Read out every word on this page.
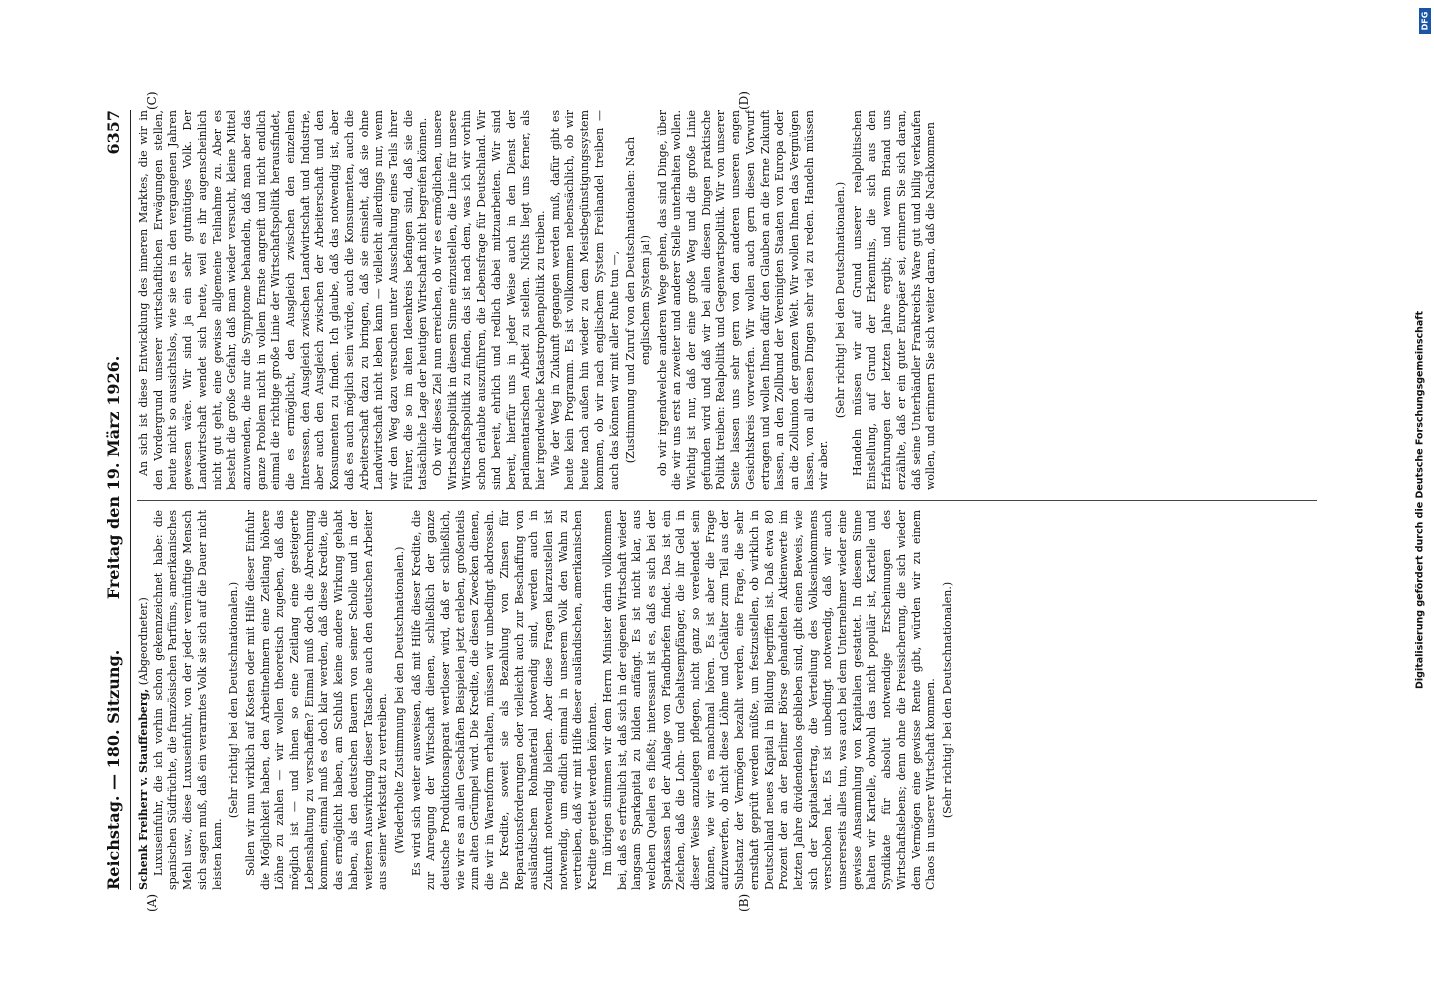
Reichstag. — 180. Sitzung.
Freitag den 19. März 1926.  6357

Schenk Freiherr v. Stauffenberg, (Abgeordneter.) Luxuseinfuhr, die ich vorhin schon gekennzeichnet habe: die spanischen Südfrüchte, die französischen Parfüms, amerikanisches Mehl usw., diese Luxuseinfuhr, von der jeder vernünftige Mensch sich sagen muß, daß ein verarmtes Volk sie sich auf die Dauer nicht leisten kann.

(Sehr richtig! bei den Deutschnationalen.) Sollen wir nun wirklich auf Kosten oder mit Hilfe dieser Einfuhr die Möglichkeit haben, den Arbeitnehmern eine Zeitlang höhere Löhne zu zahlen — wir wollen theoretisch zugeben, daß das möglich ist — und ihnen so eine Zeitlang eine gesteigerte Lebenshaltung zu verschaffen? Einmal muß doch die Abrechnung kommen, einmal muß es doch klar werden, daß diese Kredite, die das ermöglicht haben, am Schluß keine andere Wirkung gehabt haben, als den deutschen Bauern von seiner Scholle und in der weiteren Auswirkung dieser Tatsache auch den deutschen Arbeiter aus seiner Werkstatt zu vertreiben. (Wiederholte Zustimmung bei den Deutschnationalen.) Es wird sich weiter ausweisen, daß mit Hilfe dieser Kredite, die zur Anregung der Wirtschaft dienen, schließlich der ganze deutsche Produktionsapparat wertloser wird, daß er schließlich, wie wir es an allen Geschäften Beispielen jetzt erleben, großenteils zum alten Gerümpel wird. Die Kredite, die diesen Zwecken dienen, die wir in Warenform erhalten, müssen wir unbedingt abdrosseln. Die Kredite, soweit sie als Bezahlung von Zinsen für Reparationsforderungen oder vielleicht auch zur Beschaffung von ausländischem Rohmaterial notwendig sind, werden auch in Zukunft notwendig bleiben. Aber diese Fragen klarzustellen ist notwendig, um endlich einmal in unserem Volk den Wahn zu vertreiben, daß wir mit Hilfe dieser ausländischen, amerikanischen Kredite gerettet werden könnten. Im übrigen stimmen wir dem Herrn Minister darin vollkommen bei, daß es erfreulich ist, daß sich in der eigenen Wirtschaft wieder langsam Sparkapital zu bilden anfängt. Es ist nicht klar, aus welchen Quellen es fließt; interessant ist es, daß es sich bei der Sparkassen bei der Anlage von Pfandbriefen findet. Das ist ein Zeichen, daß die Lohn- und Gehaltsempfänger, die ihr Geld in dieser Weise anzulegen pflegen, nicht ganz so verelendet sein können, wie wir es manchmal hören. Es ist aber die Frage aufzuwerfen, ob nicht diese Löhne und Gehälter zum Teil aus der Substanz der Vermögen bezahlt werden, eine Frage, die sehr ernsthaft geprüft werden müßte, um festzustellen, ob wirklich in Deutschland neues Kapital in Bildung begriffen ist. Daß etwa 80 Prozent der an der Berliner Börse gehandelten Aktienwerte im letzten Jahre dividendenlos geblieben sind, gibt einen Beweis, wie sich der Kapitalsertrag, die Verteilung des Volkseinkommens verschoben hat. Es ist unbedingt notwendig, daß wir auch unsererseits alles tun, was auch bei dem Unternehmer wieder eine gewisse Ansammlung von Kapitalien gestattet. In diesem Sinne halten wir Kartelle, obwohl das nicht populär ist, Kartelle und Syndikate für absolut notwendige Erscheinungen des Wirtschaftslebens; denn ohne die Preissicherung, die sich wieder dem Vermögen eine gewisse Rente gibt, würden wir zu einem Chaos in unserer Wirtschaft kommen. (Sehr richtig! bei den Deutschnationalen.)

An sich ist diese Entwicklung des inneren Marktes, die wir in den Vordergrund unserer wirtschaftlichen Erwägungen stellen, heute nicht so aussichtslos, wie sie es in den vergangenen Jahren gewesen wäre. Wir sind ja ein sehr gutmütiges Volk. Der Landwirtschaft wendet sich heute, weil es ihr augenscheinlich nicht gut geht, eine gewisse allgemeine Teilnahme zu. Aber es besteht die große Gefahr, daß man wieder versucht, kleine Mittel anzuwenden, die nur die Symptome behandeln, daß man aber das ganze Problem nicht in vollem Ernste angreift und nicht endlich einmal die richtige große Linie der Wirtschaftspolitik herausfindet, die es ermöglicht, den Ausgleich zwischen den einzelnen Interessen, den Ausgleich zwischen Landwirtschaft und Industrie, aber auch den Ausgleich zwischen der Arbeiterschaft und den Konsumenten zu finden. Ich glaube, daß das notwendig ist, aber daß es auch möglich sein würde, auch die Konsumenten, auch die Arbeiterschaft dazu zu bringen, daß sie einsieht, daß sie ohne Landwirtschaft nicht leben kann — vielleicht allerdings nur, wenn wir den Weg dazu versuchen unter Ausschaltung eines Teils ihrer Führer, die so im alten Ideenkreis befangen sind, daß sie die tatsächliche Lage der heutigen Wirtschaft nicht begreifen können. Ob wir dieses Ziel nun erreichen, ob wir es ermöglichen, unsere Wirtschaftspolitik in diesem Sinne einzustellen, die Linie für unsere Wirtschaftspolitik zu finden, das ist nach dem, was ich wir vorhin schon erlaubte auszuführen, die Lebensfrage für Deutschland. Wir sind bereit, ehrlich und redlich dabei mitzuarbeiten. Wir sind bereit, hierfür uns in jeder Weise auch in den Dienst der parlamentarischen Arbeit zu stellen. Nichts liegt uns ferner, als hier irgendwelche Katastrophenpolitik zu treiben. Wie der Weg in Zukunft gegangen werden muß, dafür gibt es heute kein Programm. Es ist vollkommen nebensächlich, ob wir heute nach außen hin wieder zu dem Meistbegünstigungssystem kommen, ob wir nach englischem System Freihandel treiben — auch das können wir mit aller Ruhe tun —, (Zustimmung und Zuruf von den Deutschnationalen: Nach englischem System ja!) ob wir irgendwelche anderen Wege gehen, das sind Dinge, über die wir uns erst an zweiter und anderer Stelle unterhalten wollen. Wichtig ist nur, daß der eine große Weg und die große Linie gefunden wird und daß wir bei allen diesen Dingen praktische Politik treiben: Realpolitik und Gegenwartspolitik. Wir von unserer Seite lassen uns sehr gern von den anderen unseren engen Gesichtskreis vorwerfen. Wir wollen auch gern diesen Vorwurf ertragen und wollen Ihnen dafür den Glauben an die ferne Zukunft lassen, an den Zollbund der Vereinigten Staaten von Europa oder an die Zollunion der ganzen Welt. Wir wollen Ihnen das Vergnügen lassen, von all diesen Dingen sehr viel zu reden. Handeln müssen wir aber.

(Sehr richtig! bei den Deutschnationalen.) Handeln müssen wir auf Grund unserer realpolitischen Einstellung, auf Grund der Erkenntnis, die sich aus den Erfahrungen der letzten Jahre ergibt; und wenn Briand uns erzählte, daß er ein guter Europäer sei, erinnern Sie sich daran, daß seine Unterhändler Frankreichs Ware gut und billig verkaufen wollen, und erinnern Sie sich weiter daran, daß die Nachkommen

(A)	(B)
(C)	(D)
DFG
Digitalisierung gefördert durch die Deutsche Forschungsgemeinschaft
